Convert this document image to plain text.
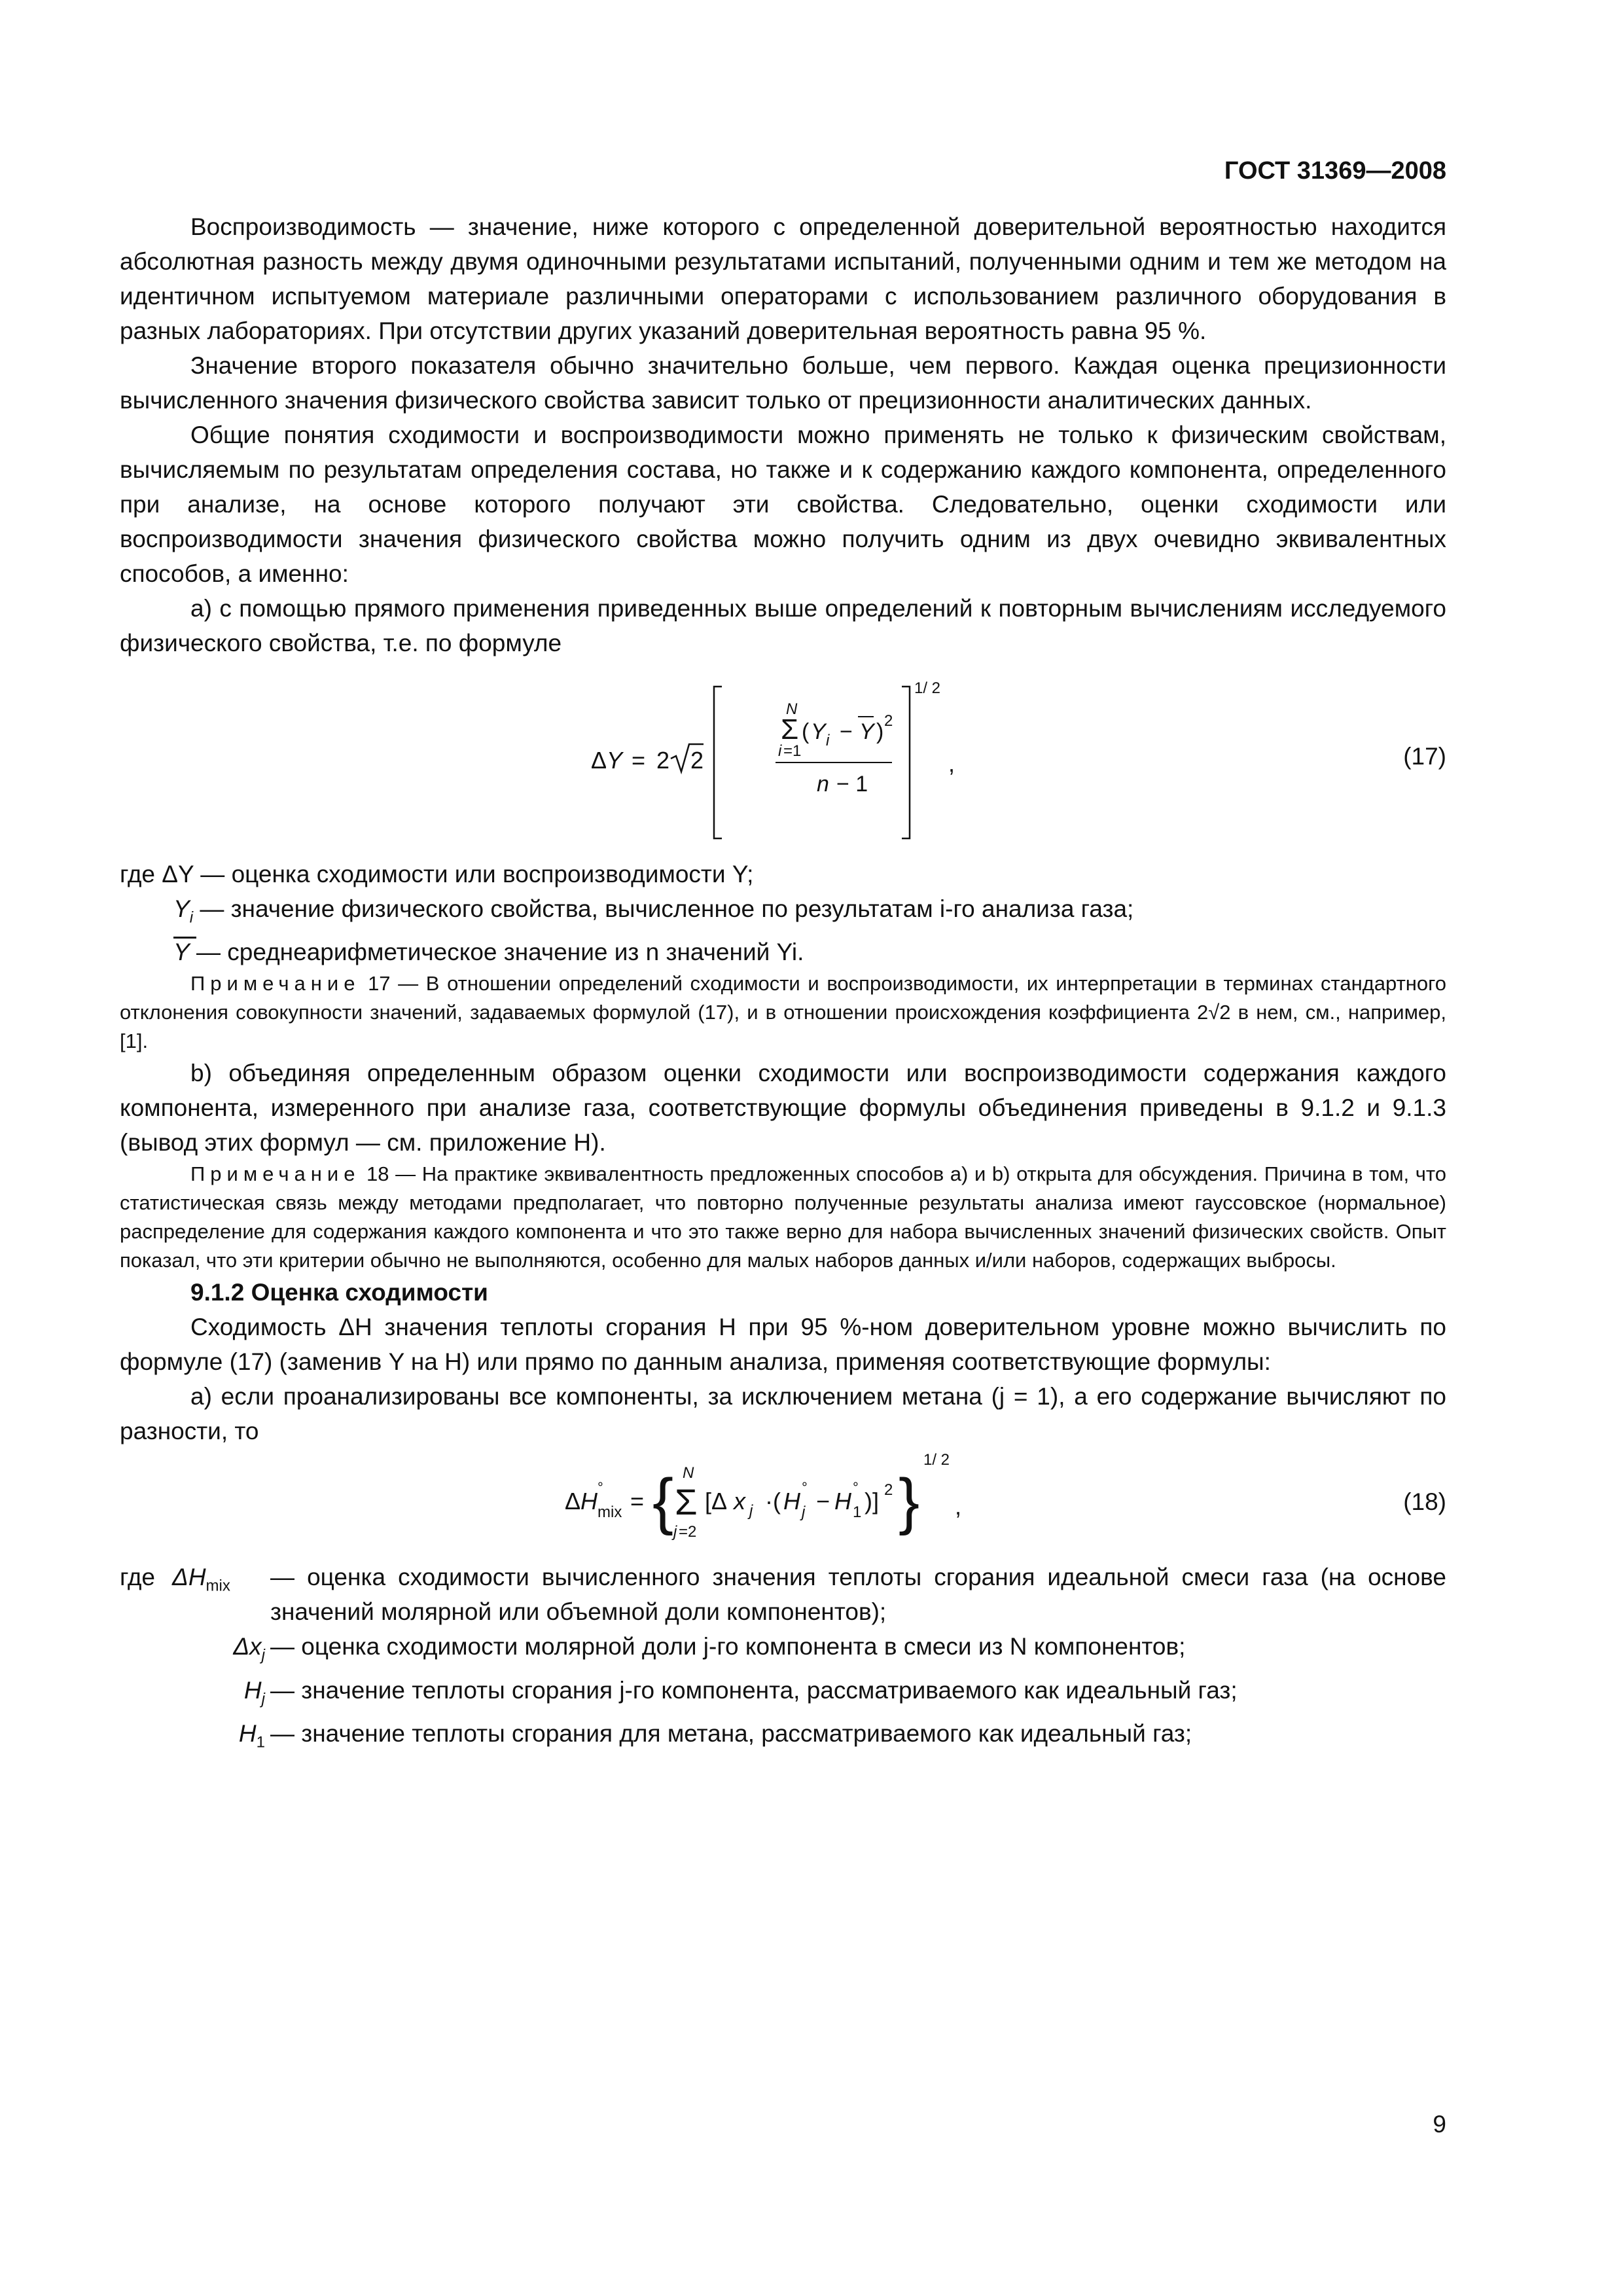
ГОСТ 31369—2008

Воспроизводимость — значение, ниже которого с определенной доверительной вероятностью находится абсолютная разность между двумя одиночными результатами испытаний, полученными одним и тем же методом на идентичном испытуемом материале различными операторами с использованием различного оборудования в разных лабораториях. При отсутствии других указаний доверительная вероятность равна 95 %.

Значение второго показателя обычно значительно больше, чем первого. Каждая оценка прецизионности вычисленного значения физического свойства зависит только от прецизионности аналитических данных.

Общие понятия сходимости и воспроизводимости можно применять не только к физическим свойствам, вычисляемым по результатам определения состава, но также и к содержанию каждого компонента, определенного при анализе, на основе которого получают эти свойства. Следовательно, оценки сходимости или воспроизводимости значения физического свойства можно получить одним из двух очевидно эквивалентных способов, а именно:

а) с помощью прямого применения приведенных выше определений к повторным вычислениям исследуемого физического свойства, т.е. по формуле

Δ Y = 2 2
N
Σ ( Y i − Y ) 2
i =1
n − 1
1/ 2
,	(17)
где ΔY — оценка сходимости или воспроизводимости Y;
$Y_i$ — значение физического свойства, вычисленное по результатам i-го анализа газа;
Y — среднеарифметическое значение из n значений Yi.

Примечание 17 — В отношении определений сходимости и воспроизводимости, их интерпретации в терминах стандартного отклонения совокупности значений, задаваемых формулой (17), и в отношении происхождения коэффициента 2√2 в нем, см., например, [1].

b) объединяя определенным образом оценки сходимости или воспроизводимости содержания каждого компонента, измеренного при анализе газа, соответствующие формулы объединения приведены в 9.1.2 и 9.1.3 (вывод этих формул — см. приложение Н).

Примечание 18 — На практике эквивалентность предложенных способов а) и b) открыта для обсуждения. Причина в том, что статистическая связь между методами предполагает, что повторно полученные результаты анализа имеют гауссовское (нормальное) распределение для содержания каждого компонента и что это также верно для набора вычисленных значений физических свойств. Опыт показал, что эти критерии обычно не выполняются, особенно для малых наборов данных и/или наборов, содержащих выбросы.

9.1.2 Оценка сходимости

Сходимость ΔH значения теплоты сгорания H при 95 %-ном доверительном уровне можно вычислить по формуле (17) (заменив Y на H) или прямо по данным анализа, применяя соответствующие формулы:

а) если проанализированы все компоненты, за исключением метана (j = 1), а его содержание вычисляют по разности, то

Δ H
°
mix = { N
Σ
j =2
[Δ x j ·( H
°
j − H
°
1 )] 2 }
1/ 2
,	(18)
где $\Delta H_{mix}$	— оценка сходимости вычисленного значения теплоты сгорания идеальной смеси газа (на основе значений молярной или объемной доли компонентов);
$\Delta x_j$ — оценка сходимости молярной доли j-го компонента в смеси из N компонентов;
$H_j$ — значение теплоты сгорания j-го компонента, рассматриваемого как идеальный газ;
$H_1$ — значение теплоты сгорания для метана, рассматриваемого как идеальный газ;
9
